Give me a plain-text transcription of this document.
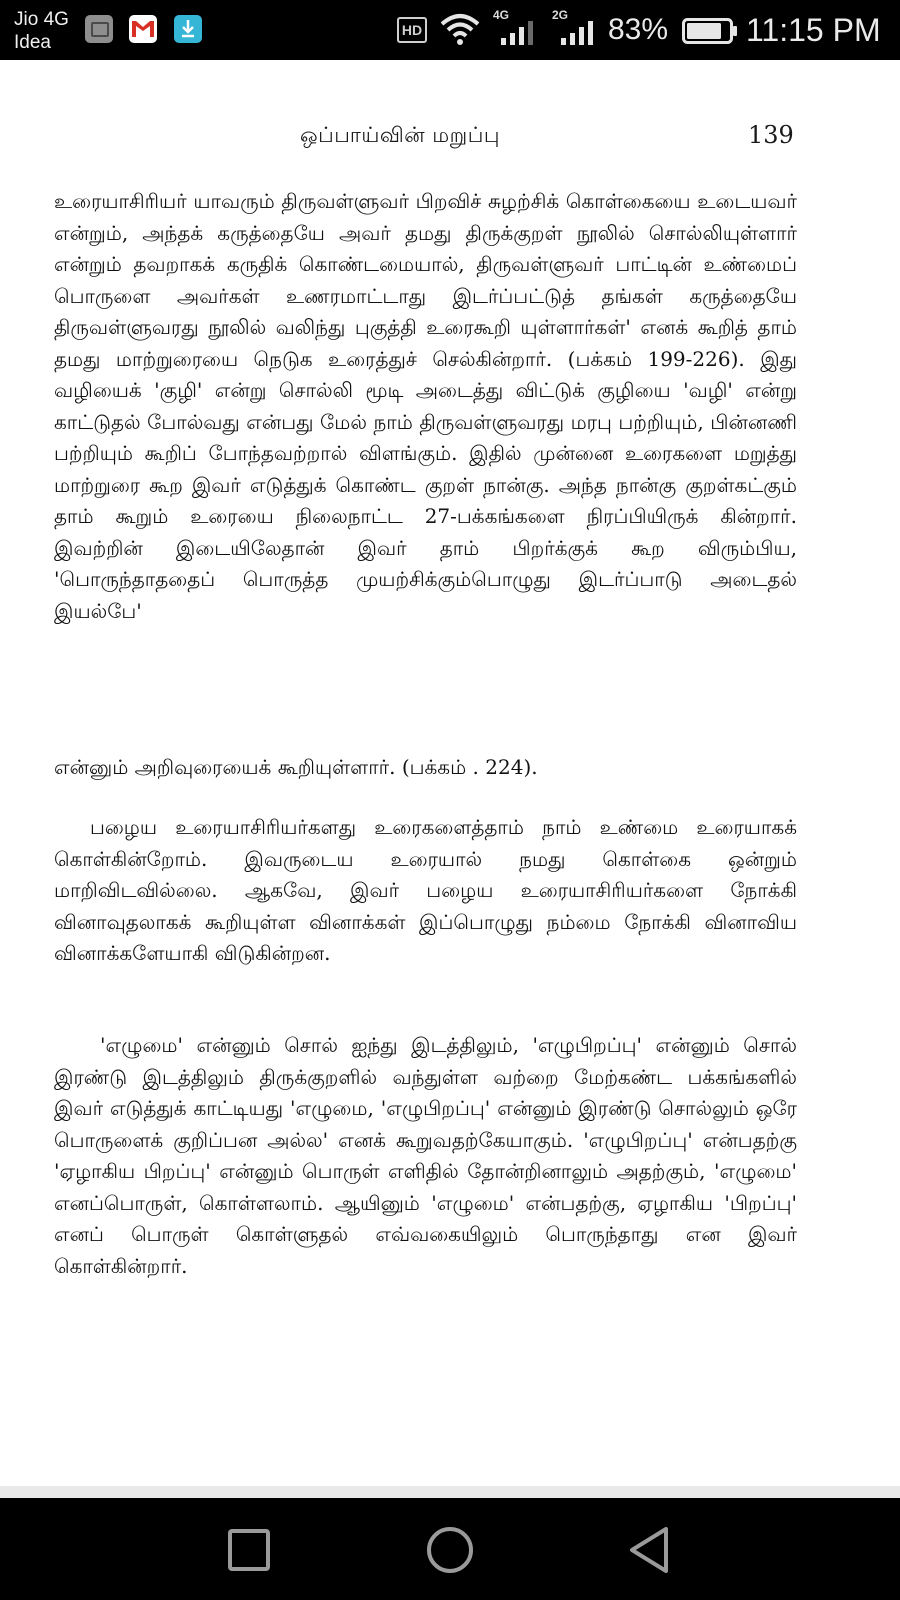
Jio 4G
Idea
HD
4G	2G 83% 11:15 PM
ஒப்பாய்வின் மறுப்பு	139

உரையாசிரியர் யாவரும் திருவள்ளுவர் பிறவிச் சுழற்சிக் கொள்கையை உடையவர் என்றும், அந்தக் கருத்தையே அவர் தமது திருக்குறள் நூலில் சொல்லியுள்ளார் என்றும் தவறாகக் கருதிக் கொண்டமையால், திருவள்ளுவர் பாட்டின் உண்மைப் பொருளை அவர்கள் உணரமாட்டாது இடர்ப்பட்டுத் தங்கள் கருத்தையே திருவள்ளுவரது நூலில் வலிந்து புகுத்தி உரைகூறி யுள்ளார்கள்' எனக் கூறித் தாம் தமது மாற்றுரையை நெடுக உரைத்துச் செல்கின்றார். (பக்கம் 199-226). இது வழியைக் 'குழி' என்று சொல்லி மூடி அடைத்து விட்டுக் குழியை 'வழி' என்று காட்டுதல் போல்வது என்பது மேல் நாம் திருவள்ளுவரது மரபு பற்றியும், பின்னணி பற்றியும் கூறிப் போந்தவற்றால் விளங்கும். இதில் முன்னை உரைகளை மறுத்து மாற்றுரை கூற இவர் எடுத்துக் கொண்ட குறள் நான்கு. அந்த நான்கு குறள்கட்கும் தாம் கூறும் உரையை நிலைநாட்ட 27-பக்கங்களை நிரப்பியிருக் கின்றார். இவற்றின் இடையிலேதான் இவர் தாம் பிறர்க்குக் கூற விரும்பிய, 'பொருந்தாததைப் பொருத்த முயற்சிக்கும்பொழுது இடர்ப்பாடு அடைதல் இயல்பே'

என்னும் அறிவுரையைக் கூறியுள்ளார். (பக்கம் . 224).

பழைய உரையாசிரியர்களது உரைகளைத்தாம் நாம் உண்மை உரையாகக் கொள்கின்றோம். இவருடைய உரையால் நமது கொள்கை ஒன்றும் மாறிவிடவில்லை. ஆகவே, இவர் பழைய உரையாசிரியர்களை நோக்கி வினாவுதலாகக் கூறியுள்ள வினாக்கள் இப்பொழுது நம்மை நோக்கி வினாவிய வினாக்களேயாகி விடுகின்றன.

'எழுமை' என்னும் சொல் ஐந்து இடத்திலும், 'எழுபிறப்பு' என்னும் சொல் இரண்டு இடத்திலும் திருக்குறளில் வந்துள்ள வற்றை மேற்கண்ட பக்கங்களில் இவர் எடுத்துக் காட்டியது 'எழுமை, 'எழுபிறப்பு' என்னும் இரண்டு சொல்லும் ஒரே பொருளைக் குறிப்பன அல்ல' எனக் கூறுவதற்கேயாகும். 'எழுபிறப்பு' என்பதற்கு 'ஏழாகிய பிறப்பு' என்னும் பொருள் எளிதில் தோன்றினாலும் அதற்கும், 'எழுமை' எனப்பொருள், கொள்ளலாம். ஆயினும் 'எழுமை' என்பதற்கு, ஏழாகிய 'பிறப்பு' எனப் பொருள் கொள்ளுதல் எவ்வகையிலும் பொருந்தாது என இவர் கொள்கின்றார்.
